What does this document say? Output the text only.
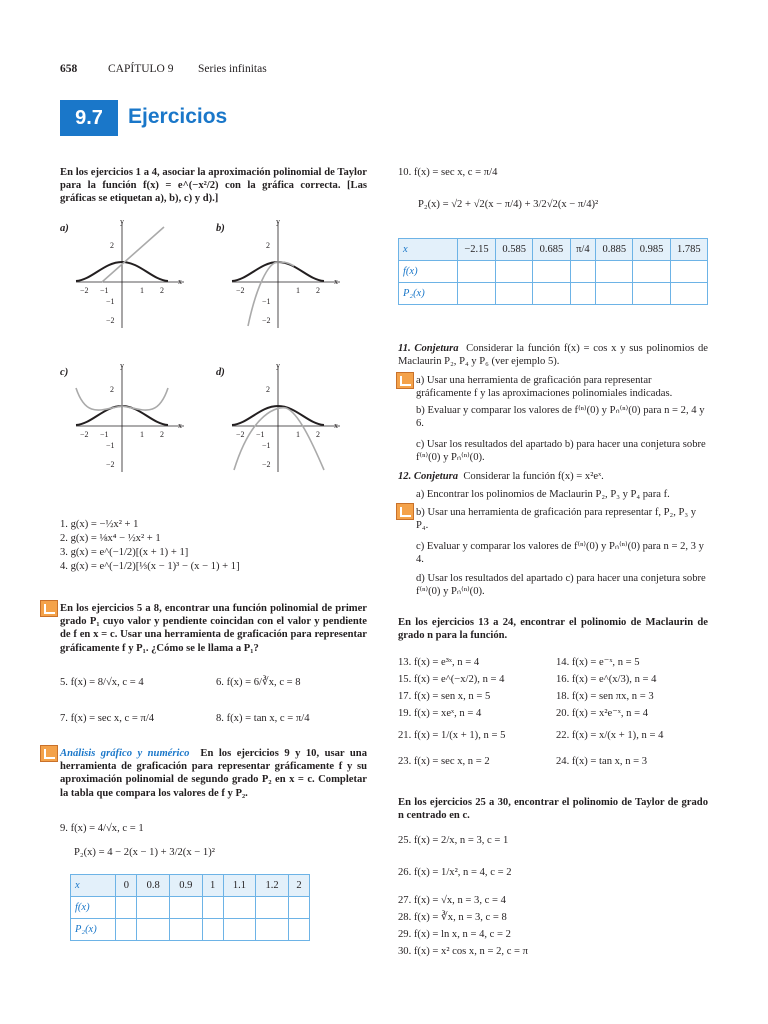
658	CAPÍTULO 9 Series infinitas
9.7	Ejercicios
En los ejercicios 1 a 4, asociar la aproximación polinomial de Taylor para la función f(x) = e^(−x²/2) con la gráfica correcta. [Las gráficas se etiquetan a), b), c) y d).]
a)	b)
c)	d)
y
x
−2 −1	1 2
2
−1
−2
y
x
−2	1 2
2
−1
−2
y
x
−2 −1	1 2
2
−1
−2
y
x
−2 −1	1 2
2
−1
−2
1. g(x) = −½x² + 1
2. g(x) = ⅛x⁴ − ½x² + 1
3. g(x) = e^(−1/2)[(x + 1) + 1]
4. g(x) = e^(−1/2)[⅓(x − 1)³ − (x − 1) + 1]
En los ejercicios 5 a 8, encontrar una función polinomial de primer grado P₁ cuyo valor y pendiente coincidan con el valor y pendiente de f en x = c. Usar una herramienta de graficación para representar gráficamente f y P₁. ¿Cómo se le llama a P₁?
5. f(x) = 8/√x, c = 4	6. f(x) = 6/∛x, c = 8
7. f(x) = sec x, c = π/4	8. f(x) = tan x, c = π/4
Análisis gráfico y numérico En los ejercicios 9 y 10, usar una herramienta de graficación para representar gráficamente f y su aproximación polinomial de segundo grado P₂ en x = c. Completar la tabla que compara los valores de f y P₂.
9. f(x) = 4/√x, c = 1
P₂(x) = 4 − 2(x − 1) + 3/2(x − 1)²
x	0	0.8	0.9	1	1.1	1.2	2
f(x)							
P₂(x)							
10. f(x) = sec x, c = π/4
P₂(x) = √2 + √2(x − π/4) + 3/2√2(x − π/4)²
x	−2.15	0.585	0.685	π/4	0.885	0.985	1.785
f(x)							
P₂(x)							
11. Conjetura Considerar la función f(x) = cos x y sus polinomios de Maclaurin P₂, P₄ y P₆ (ver ejemplo 5).
a) Usar una herramienta de graficación para representar gráficamente f y las aproximaciones polinomiales indicadas.
b) Evaluar y comparar los valores de f⁽ⁿ⁾(0) y Pₙ⁽ⁿ⁾(0) para n = 2, 4 y 6.
c) Usar los resultados del apartado b) para hacer una conjetura sobre f⁽ⁿ⁾(0) y Pₙ⁽ⁿ⁾(0).
12. Conjetura Considerar la función f(x) = x²eˣ.
a) Encontrar los polinomios de Maclaurin P₂, P₃ y P₄ para f.
b) Usar una herramienta de graficación para representar f, P₂, P₃ y P₄.
c) Evaluar y comparar los valores de f⁽ⁿ⁾(0) y Pₙ⁽ⁿ⁾(0) para n = 2, 3 y 4.
d) Usar los resultados del apartado c) para hacer una conjetura sobre f⁽ⁿ⁾(0) y Pₙ⁽ⁿ⁾(0).
En los ejercicios 13 a 24, encontrar el polinomio de Maclaurin de grado n para la función.
13. f(x) = e³ˣ, n = 4	14. f(x) = e⁻ˣ, n = 5
15. f(x) = e^(−x/2), n = 4	16. f(x) = e^(x/3), n = 4
17. f(x) = sen x, n = 5	18. f(x) = sen πx, n = 3
19. f(x) = xeˣ, n = 4	20. f(x) = x²e⁻ˣ, n = 4
21. f(x) = 1/(x + 1), n = 5	22. f(x) = x/(x + 1), n = 4
23. f(x) = sec x, n = 2	24. f(x) = tan x, n = 3
En los ejercicios 25 a 30, encontrar el polinomio de Taylor de grado n centrado en c.
25. f(x) = 2/x, n = 3, c = 1
26. f(x) = 1/x², n = 4, c = 2
27. f(x) = √x, n = 3, c = 4
28. f(x) = ∛x, n = 3, c = 8
29. f(x) = ln x, n = 4, c = 2
30. f(x) = x² cos x, n = 2, c = π
